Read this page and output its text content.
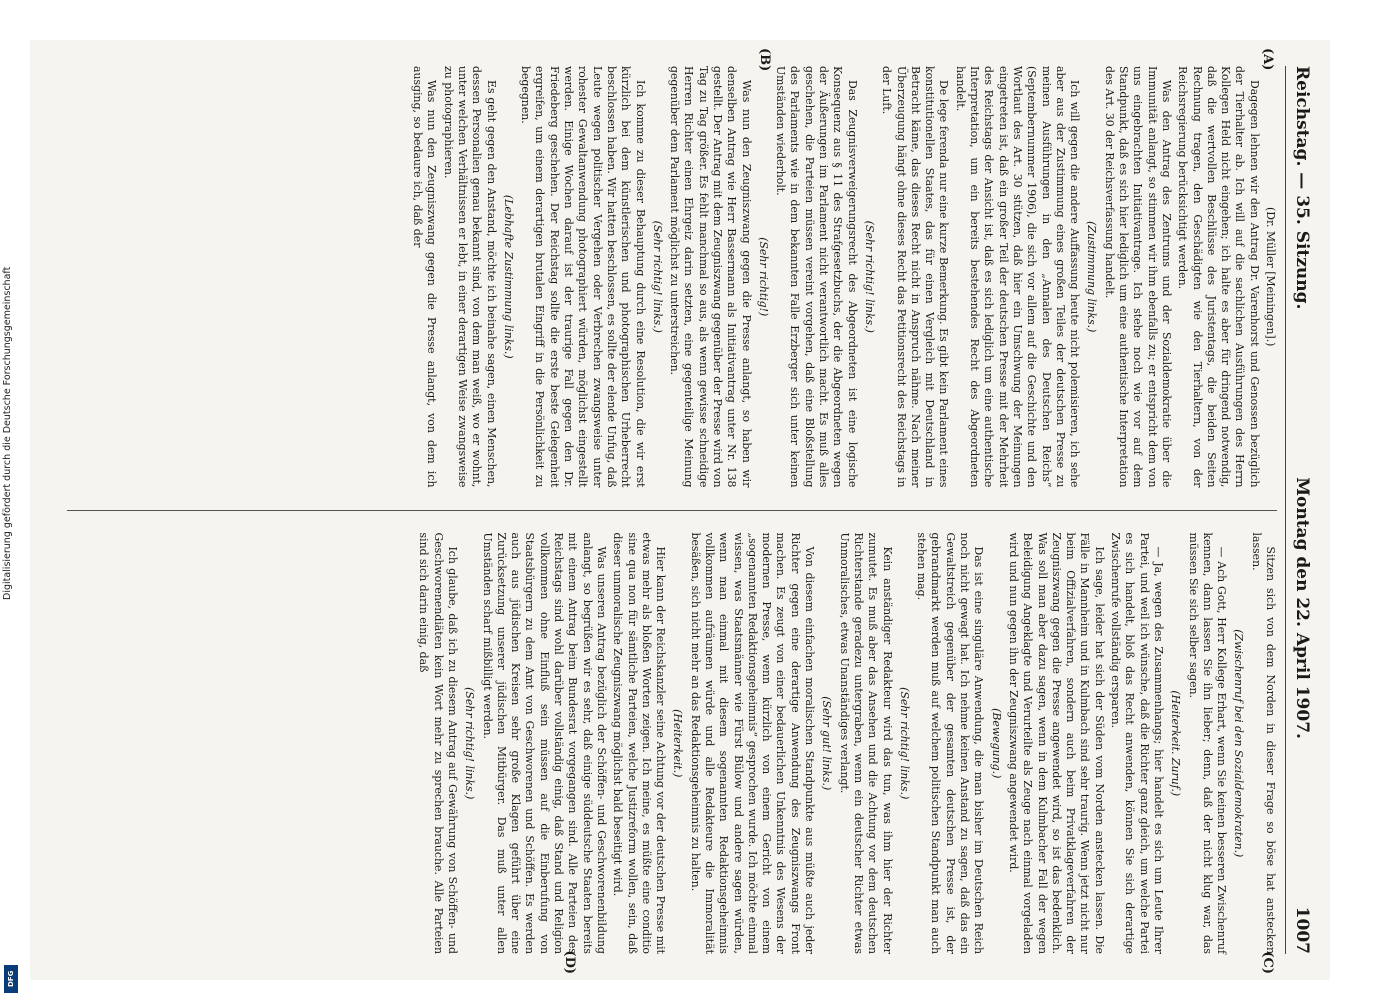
Reichstag. — 35. Sitzung.
Montag den 22. April 1907.
1007
(A)
(B)
(C)
(D)

(Dr. Müller [Meiningen].)

Dagegen lehnen wir den Antrag Dr. Varenhorst und Genossen bezüglich der Tierhalter ab. Ich will auf die sachlichen Ausführungen des Herrn Kollegen Held nicht eingehen; ich halte es aber für dringend notwendig, daß die wertvollen Beschlüsse des Juristentags, die beiden Seiten Rechnung tragen, den Geschädigten wie den Tierhaltern, von der Reichsregierung berücksichtigt werden.

Was den Antrag des Zentrums und der Sozialdemokratie über die Immunität anlangt, so stimmen wir ihm ebenfalls zu; er entspricht dem von uns eingebrachten Initiativantrage. Ich stehe noch wie vor auf dem Standpunkt, daß es sich hier lediglich um eine authentische Interpretation des Art. 30 der Reichsverfassung handelt.

(Zustimmung links.)

Ich will gegen die andere Auffassung heute nicht polemisieren, ich sehe aber aus der Zustimmung eines großen Teiles der deutschen Presse zu meinen Ausführungen in den „Annalen des Deutschen Reichs“ (Septembernummer 1906), die sich vor allem auf die Geschichte und den Wortlaut des Art. 30 stützen, daß hier ein Umschwung der Meinungen eingetreten ist, daß ein großer Teil der deutschen Presse mit der Mehrheit des Reichstags der Ansicht ist, daß es sich lediglich um eine authentische Interpretation, um ein bereits bestehendes Recht des Abgeordneten handelt.

De lege ferenda nur eine kurze Bemerkung. Es gibt kein Parlament eines konstitutionellen Staates, das für einen Vergleich mit Deutschland in Betracht käme, das dieses Recht nicht in Anspruch nähme. Nach meiner Überzeugung hängt ohne dieses Recht das Petitionsrecht des Reichstags in der Luft.

(Sehr richtig! links.)

Das Zeugnisverweigerungsrecht des Abgeordneten ist eine logische Konsequenz aus § 11 des Strafgesetzbuchs, der die Abgeordneten wegen der Äußerungen im Parlament nicht verantwortlich macht. Es muß alles geschehen, die Parteien müssen vereint vorgehen, daß eine Bloßstellung des Parlaments wie in dem bekannten Falle Erzberger sich unter keinen Umständen wiederholt.

(Sehr richtig!)

Was nun den Zeugniszwang gegen die Presse anlangt, so haben wir denselben Antrag wie Herr Bassermann als Initiativantrag unter Nr. 138 gestellt. Der Antrag mit dem Zeugniszwang gegenüber der Presse wird von Tag zu Tag größer. Es fehlt manchmal so aus, als wenn gewisse schneidige Herren Richter einen Ehrgeiz darin setzten, eine gegenteilige Meinung gegenüber dem Parlament möglichst zu unterstreichen.

(Sehr richtig! links.)

Ich komme zu dieser Behauptung durch eine Resolution, die wir erst kürzlich bei dem künstlerischen und photographischen Urheberrecht beschlossen haben. Wir hatten beschlossen, es sollte der elende Unfug, daß Leute wegen politischer Vergehen oder Verbrechen zwangsweise unter rohester Gewaltanwendung photographiert würden, möglichst eingestellt werden. Einige Wochen darauf ist der traurige Fall gegen den Dr. Friedeberg geschehen. Der Reichstag sollte die erste beste Gelegenheit ergreifen, um einem derartigen brutalen Eingriff in die Persönlichkeit zu begegnen.

(Lebhafte Zustimmung links.)

Es geht gegen den Anstand, möchte ich beinahe sagen, einen Menschen, dessen Personalien genau bekannt sind, von dem man weiß, wo er wohnt, unter welchen Verhältnissen er lebt, in einer derartigen Weise zwangsweise zu photographieren.

Was nun den Zeugniszwang gegen die Presse anlangt, von dem ich ausging, so bedaure ich, daß der

Sitzen sich von dem Norden in dieser Frage so böse hat anstecken lassen.

(Zwischenruf bei den Sozialdemokraten.)

— Ach Gott, Herr Kollege Erhart, wenn Sie keinen besseren Zwischenruf kennen, dann lassen Sie ihn lieber; denn, daß der nicht klug war, das müssen Sie sich selber sagen.

(Heiterkeit. Zuruf.)

— Ja, wegen des Zusammenhangs; hier handelt es sich um Leute Ihrer Partei, und weil ich wünsche, daß die Richter ganz gleich, um welche Partei es sich handelt, bloß das Recht anwenden, können Sie sich derartige Zwischenrufe vollständig ersparen.

Ich sage, leider hat sich der Süden vom Norden anstecken lassen. Die Fälle in Mannheim und in Kulmbach sind sehr traurig. Wenn jetzt nicht nur beim Offizialverfahren, sondern auch beim Privatklageverfahren der Zeugniszwang gegen die Presse angewendet wird, so ist das bedenklich. Was soll man aber dazu sagen, wenn in dem Kulmbacher Fall der wegen Beleidigung Angeklagte und Verurteilte als Zeuge nach einmal vorgeladen wird und nun gegen ihn der Zeugniszwang angewendet wird.

(Bewegung.)

Das ist eine singuläre Anwendung, die man bisher im Deutschen Reich noch nicht gewagt hat. Ich nehme keinen Anstand zu sagen, daß das ein Gewaltstreich gegenüber der gesamten deutschen Presse ist, der gebrandmarkt werden muß auf welchem politischen Standpunkt man auch stehen mag.

(Sehr richtig! links.)

Kein anständiger Redakteur wird das tun, was ihm hier der Richter zumutet. Es muß aber das Ansehen und die Achtung vor dem deutschen Richterstande geradezu untergraben, wenn ein deutscher Richter etwas Unmoralisches, etwas Unanständiges verlangt.

(Sehr gut! links.)

Von diesem einfachen moralischen Standpunkte aus müßte auch jeder Richter gegen eine derartige Anwendung des Zeugniszwangs Front machen. Es zeugt von einer bedauerlichen Unkenntnis des Wesens der modernen Presse, wenn kürzlich von einem Gericht von einem „sogenannten Redaktionsgeheimnis“ gesprochen wurde. Ich möchte einmal wissen, was Staatsmänner wie Fürst Bülow und andere sagen würden, wenn man einmal mit diesem sogenannten Redaktionsgeheimnis vollkommen aufräumen würde und alle Redakteure die Immoralität besäßen, sich nicht mehr an das Redaktionsgeheimnis zu halten.

(Heiterkeit.)

Hier kann der Reichskanzler seine Achtung vor der deutschen Presse mit etwas mehr als bloßen Worten zeigen. Ich meine, es müßte eine conditio sine qua non für sämtliche Parteien, welche Justizreform wollen, sein, daß dieser unmoralische Zeugniszwang möglichst bald beseitigt wird.

Was unseren Antrag bezüglich der Schöffen- und Geschworenenbildung anlangt, so begrüßen wir es sehr, daß einige süddeutsche Staaten bereits mit einem Antrag beim Bundesrat vorgegangen sind. Alle Parteien des Reichstags sind wohl darüber vollständig einig, daß Stand und Religion vollkommen ohne Einfluß sein müssen auf die Einberufung von Staatsbürgern zu dem Amt von Geschworenen und Schöffen. Es werden auch aus jüdischen Kreisen sehr große Klagen geführt über eine Zurücksetzung unserer jüdischen Mitbürger. Das muß unter allen Umständen scharf mißbilligt werden.

(Sehr richtig! links.)

Ich glaube, daß ich zu diesem Antrag auf Gewährung von Schöffen- und Geschworenendiäten kein Wort mehr zu sprechen brauche. Alle Parteien sind sich darin einig, daß

Digitalisierung gefördert durch die Deutsche Forschungsgemeinschaft
DFG
